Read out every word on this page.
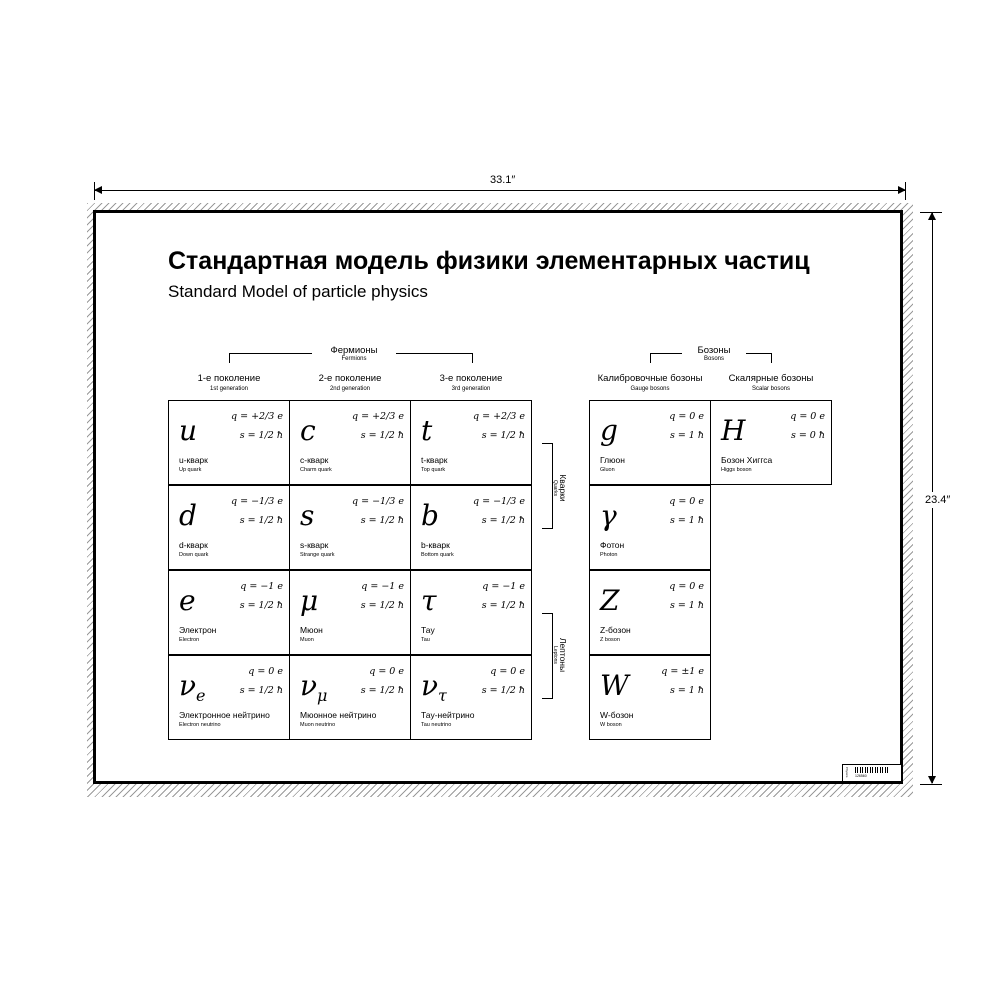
33.1″
23.4″
Стандартная модель физики элементарных частиц
Standard Model of particle physics
Фермионы
Fermions
Бозоны
Bosons
1-е поколение
1st generation
2-е поколение
2nd generation
3-е поколение
3rd generation
Калибровочные бозоны
Gauge bosons
Скалярные бозоны
Scalar bosons
Кварки
Quarks
Лептоны
Leptons
u	q = +2/3 e
s = 1/2 ħ
u-кварк
Up quark
c	q = +2/3 e
s = 1/2 ħ
c-кварк
Charm quark
t	q = +2/3 e
s = 1/2 ħ
t-кварк
Top quark
d	q = −1/3 e
s = 1/2 ħ
d-кварк
Down quark
s	q = −1/3 e
s = 1/2 ħ
s-кварк
Strange quark
b	q = −1/3 e
s = 1/2 ħ
b-кварк
Bottom quark
e	q = −1 e
s = 1/2 ħ
Электрон
Electron
μ	q = −1 e
s = 1/2 ħ
Мюон
Muon
τ	q = −1 e
s = 1/2 ħ
Тау
Tau
$\nu_e$
q = 0 e
s = 1/2 ħ
Электронное нейтрино
Electron neutrino
$\nu_\mu$
q = 0 e
s = 1/2 ħ
Мюонное нейтрино
Muon neutrino
$\nu_\tau$
q = 0 e
s = 1/2 ħ
Тау-нейтрино
Tau neutrino
g	q = 0 e
s = 1 ħ
Глюон
Gluon
γ	q = 0 e
s = 1 ħ
Фотон
Photon
Z	q = 0 e
s = 1 ħ
Z-бозон
Z boson
W	q = ±1 e
s = 1 ħ
W-бозон
W boson
H	q = 0 e
s = 0 ħ
Бозон Хиггса
Higgs boson
Physics 126560
